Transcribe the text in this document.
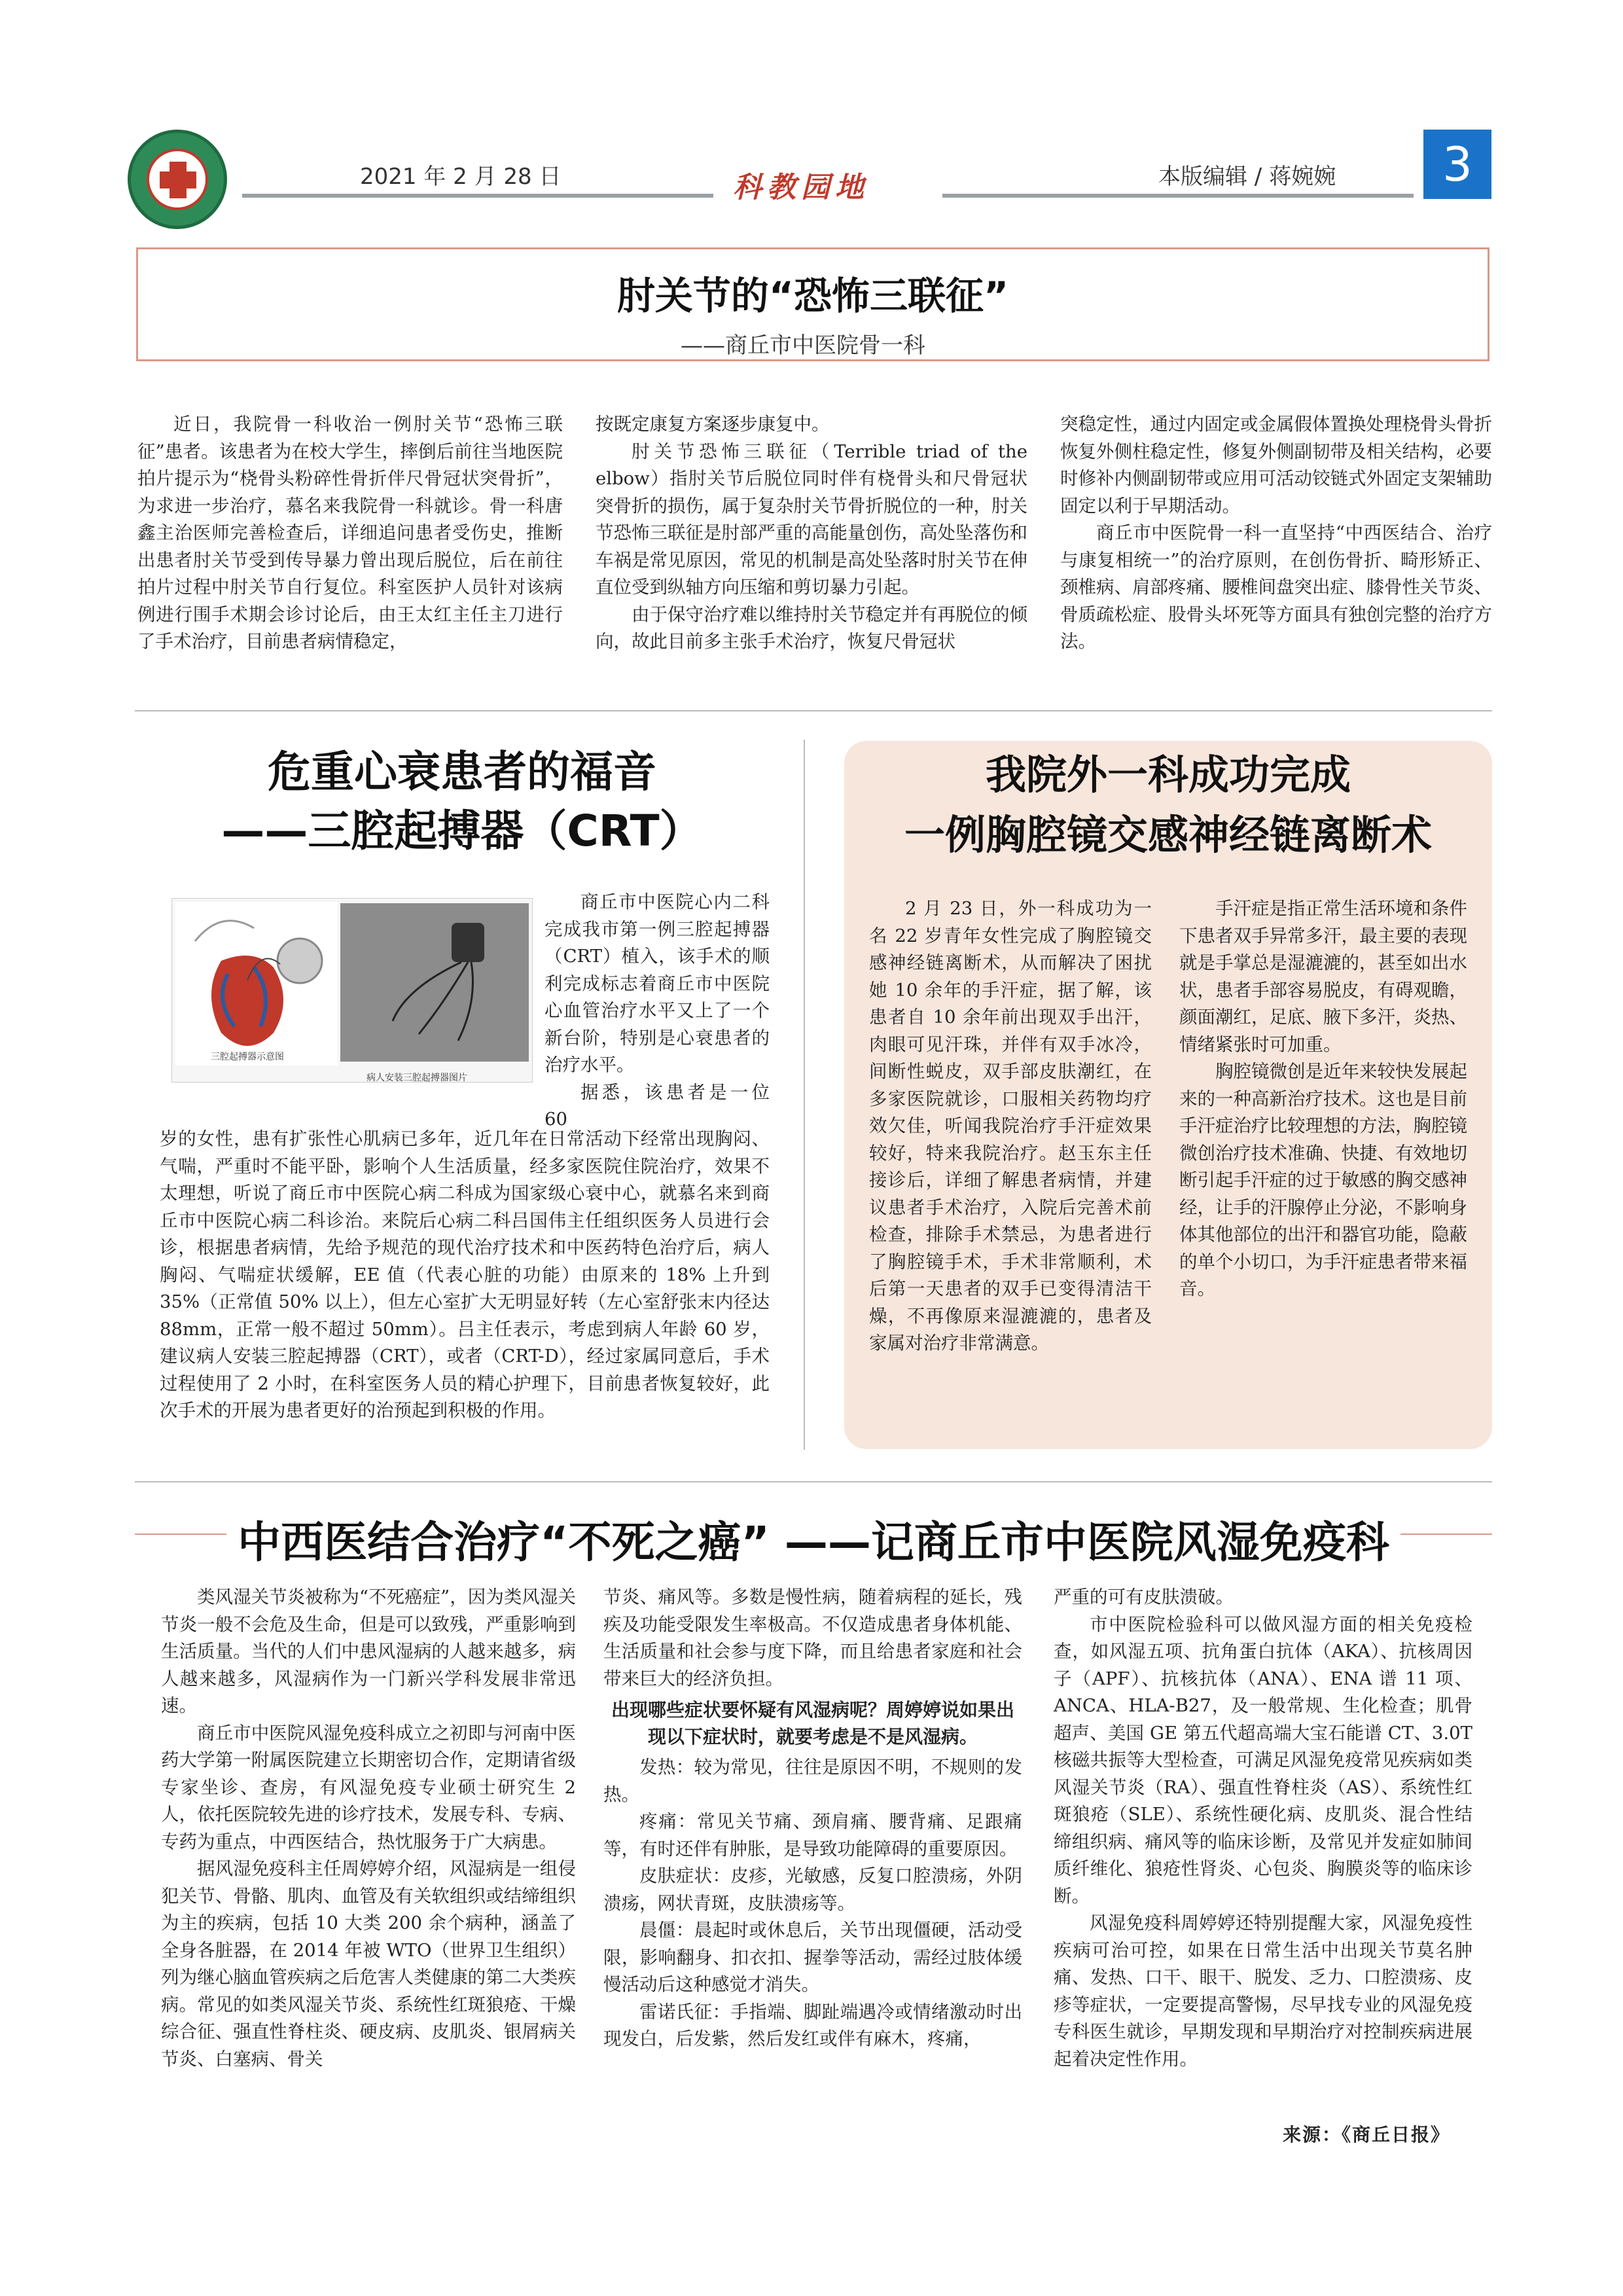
2021 年 2 月 28 日	科教园地	本版编辑 / 蒋婉婉	3
肘关节的“恐怖三联征”
——商丘市中医院骨一科

近日，我院骨一科收治一例肘关节“恐怖三联征”患者。该患者为在校大学生，摔倒后前往当地医院拍片提示为“桡骨头粉碎性骨折伴尺骨冠状突骨折”，为求进一步治疗，慕名来我院骨一科就诊。骨一科唐鑫主治医师完善检查后，详细追问患者受伤史，推断出患者肘关节受到传导暴力曾出现后脱位，后在前往拍片过程中肘关节自行复位。科室医护人员针对该病例进行围手术期会诊讨论后，由王太红主任主刀进行了手术治疗，目前患者病情稳定，

按既定康复方案逐步康复中。

肘关节恐怖三联征（Terrible triad of the elbow）指肘关节后脱位同时伴有桡骨头和尺骨冠状突骨折的损伤，属于复杂肘关节骨折脱位的一种，肘关节恐怖三联征是肘部严重的高能量创伤，高处坠落伤和车祸是常见原因，常见的机制是高处坠落时肘关节在伸直位受到纵轴方向压缩和剪切暴力引起。

由于保守治疗难以维持肘关节稳定并有再脱位的倾向，故此目前多主张手术治疗，恢复尺骨冠状

突稳定性，通过内固定或金属假体置换处理桡骨头骨折恢复外侧柱稳定性，修复外侧副韧带及相关结构，必要时修补内侧副韧带或应用可活动铰链式外固定支架辅助固定以利于早期活动。

商丘市中医院骨一科一直坚持“中西医结合、治疗与康复相统一”的治疗原则，在创伤骨折、畸形矫正、颈椎病、肩部疼痛、腰椎间盘突出症、膝骨性关节炎、骨质疏松症、股骨头坏死等方面具有独创完整的治疗方法。

危重心衰患者的福音
——三腔起搏器（CRT）
三腔起搏器示意图
病人安装三腔起搏器图片

商丘市中医院心内二科完成我市第一例三腔起搏器（CRT）植入，该手术的顺利完成标志着商丘市中医院心血管治疗水平又上了一个新台阶，特别是心衰患者的治疗水平。

据悉，该患者是一位 60

岁的女性，患有扩张性心肌病已多年，近几年在日常活动下经常出现胸闷、气喘，严重时不能平卧，影响个人生活质量，经多家医院住院治疗，效果不太理想，听说了商丘市中医院心病二科成为国家级心衰中心，就慕名来到商丘市中医院心病二科诊治。来院后心病二科吕国伟主任组织医务人员进行会诊，根据患者病情，先给予规范的现代治疗技术和中医药特色治疗后，病人胸闷、气喘症状缓解，EE 值（代表心脏的功能）由原来的 18% 上升到 35%（正常值 50% 以上），但左心室扩大无明显好转（左心室舒张末内径达 88mm，正常一般不超过 50mm）。吕主任表示，考虑到病人年龄 60 岁，建议病人安装三腔起搏器（CRT），或者（CRT-D），经过家属同意后，手术过程使用了 2 小时，在科室医务人员的精心护理下，目前患者恢复较好，此次手术的开展为患者更好的治预起到积极的作用。

我院外一科成功完成
一例胸腔镜交感神经链离断术

2 月 23 日，外一科成功为一名 22 岁青年女性完成了胸腔镜交感神经链离断术，从而解决了困扰她 10 余年的手汗症，据了解，该患者自 10 余年前出现双手出汗，肉眼可见汗珠，并伴有双手冰冷，间断性蜕皮，双手部皮肤潮红，在多家医院就诊，口服相关药物均疗效欠佳，听闻我院治疗手汗症效果较好，特来我院治疗。赵玉东主任接诊后，详细了解患者病情，并建议患者手术治疗，入院后完善术前检查，排除手术禁忌，为患者进行了胸腔镜手术，手术非常顺利，术后第一天患者的双手已变得清洁干燥，不再像原来湿漉漉的，患者及家属对治疗非常满意。

手汗症是指正常生活环境和条件下患者双手异常多汗，最主要的表现就是手掌总是湿漉漉的，甚至如出水状，患者手部容易脱皮，有碍观瞻，颜面潮红，足底、腋下多汗，炎热、情绪紧张时可加重。

胸腔镜微创是近年来较快发展起来的一种高新治疗技术。这也是目前手汗症治疗比较理想的方法，胸腔镜微创治疗技术准确、快捷、有效地切断引起手汗症的过于敏感的胸交感神经，让手的汗腺停止分泌，不影响身体其他部位的出汗和器官功能，隐蔽的单个小切口，为手汗症患者带来福音。

中西医结合治疗“不死之癌” ——记商丘市中医院风湿免疫科

类风湿关节炎被称为“不死癌症”，因为类风湿关节炎一般不会危及生命，但是可以致残，严重影响到生活质量。当代的人们中患风湿病的人越来越多，病人越来越多，风湿病作为一门新兴学科发展非常迅速。

商丘市中医院风湿免疫科成立之初即与河南中医药大学第一附属医院建立长期密切合作，定期请省级专家坐诊、查房，有风湿免疫专业硕士研究生 2 人，依托医院较先进的诊疗技术，发展专科、专病、专药为重点，中西医结合，热忱服务于广大病患。

据风湿免疫科主任周婷婷介绍，风湿病是一组侵犯关节、骨骼、肌肉、血管及有关软组织或结缔组织为主的疾病，包括 10 大类 200 余个病种，涵盖了全身各脏器，在 2014 年被 WTO（世界卫生组织）列为继心脑血管疾病之后危害人类健康的第二大类疾病。常见的如类风湿关节炎、系统性红斑狼疮、干燥综合征、强直性脊柱炎、硬皮病、皮肌炎、银屑病关节炎、白塞病、骨关

节炎、痛风等。多数是慢性病，随着病程的延长，残疾及功能受限发生率极高。不仅造成患者身体机能、生活质量和社会参与度下降，而且给患者家庭和社会带来巨大的经济负担。

出现哪些症状要怀疑有风湿病呢？周婷婷说如果出现以下症状时，就要考虑是不是风湿病。

发热：较为常见，往往是原因不明，不规则的发热。

疼痛：常见关节痛、颈肩痛、腰背痛、足跟痛等，有时还伴有肿胀，是导致功能障碍的重要原因。

皮肤症状：皮疹，光敏感，反复口腔溃疡，外阴溃疡，网状青斑，皮肤溃疡等。

晨僵：晨起时或休息后，关节出现僵硬，活动受限，影响翻身、扣衣扣、握拳等活动，需经过肢体缓慢活动后这种感觉才消失。

雷诺氏征：手指端、脚趾端遇冷或情绪激动时出现发白，后发紫，然后发红或伴有麻木，疼痛，

严重的可有皮肤溃破。

市中医院检验科可以做风湿方面的相关免疫检查，如风湿五项、抗角蛋白抗体（AKA）、抗核周因子（APF）、抗核抗体（ANA）、ENA 谱 11 项、ANCA、HLA-B27，及一般常规、生化检查；肌骨超声、美国 GE 第五代超高端大宝石能谱 CT、3.0T 核磁共振等大型检查，可满足风湿免疫常见疾病如类风湿关节炎（RA）、强直性脊柱炎（AS）、系统性红斑狼疮（SLE）、系统性硬化病、皮肌炎、混合性结缔组织病、痛风等的临床诊断，及常见并发症如肺间质纤维化、狼疮性肾炎、心包炎、胸膜炎等的临床诊断。

风湿免疫科周婷婷还特别提醒大家，风湿免疫性疾病可治可控，如果在日常生活中出现关节莫名肿痛、发热、口干、眼干、脱发、乏力、口腔溃疡、皮疹等症状，一定要提高警惕，尽早找专业的风湿免疫专科医生就诊，早期发现和早期治疗对控制疾病进展起着决定性作用。

来源：《商丘日报》
